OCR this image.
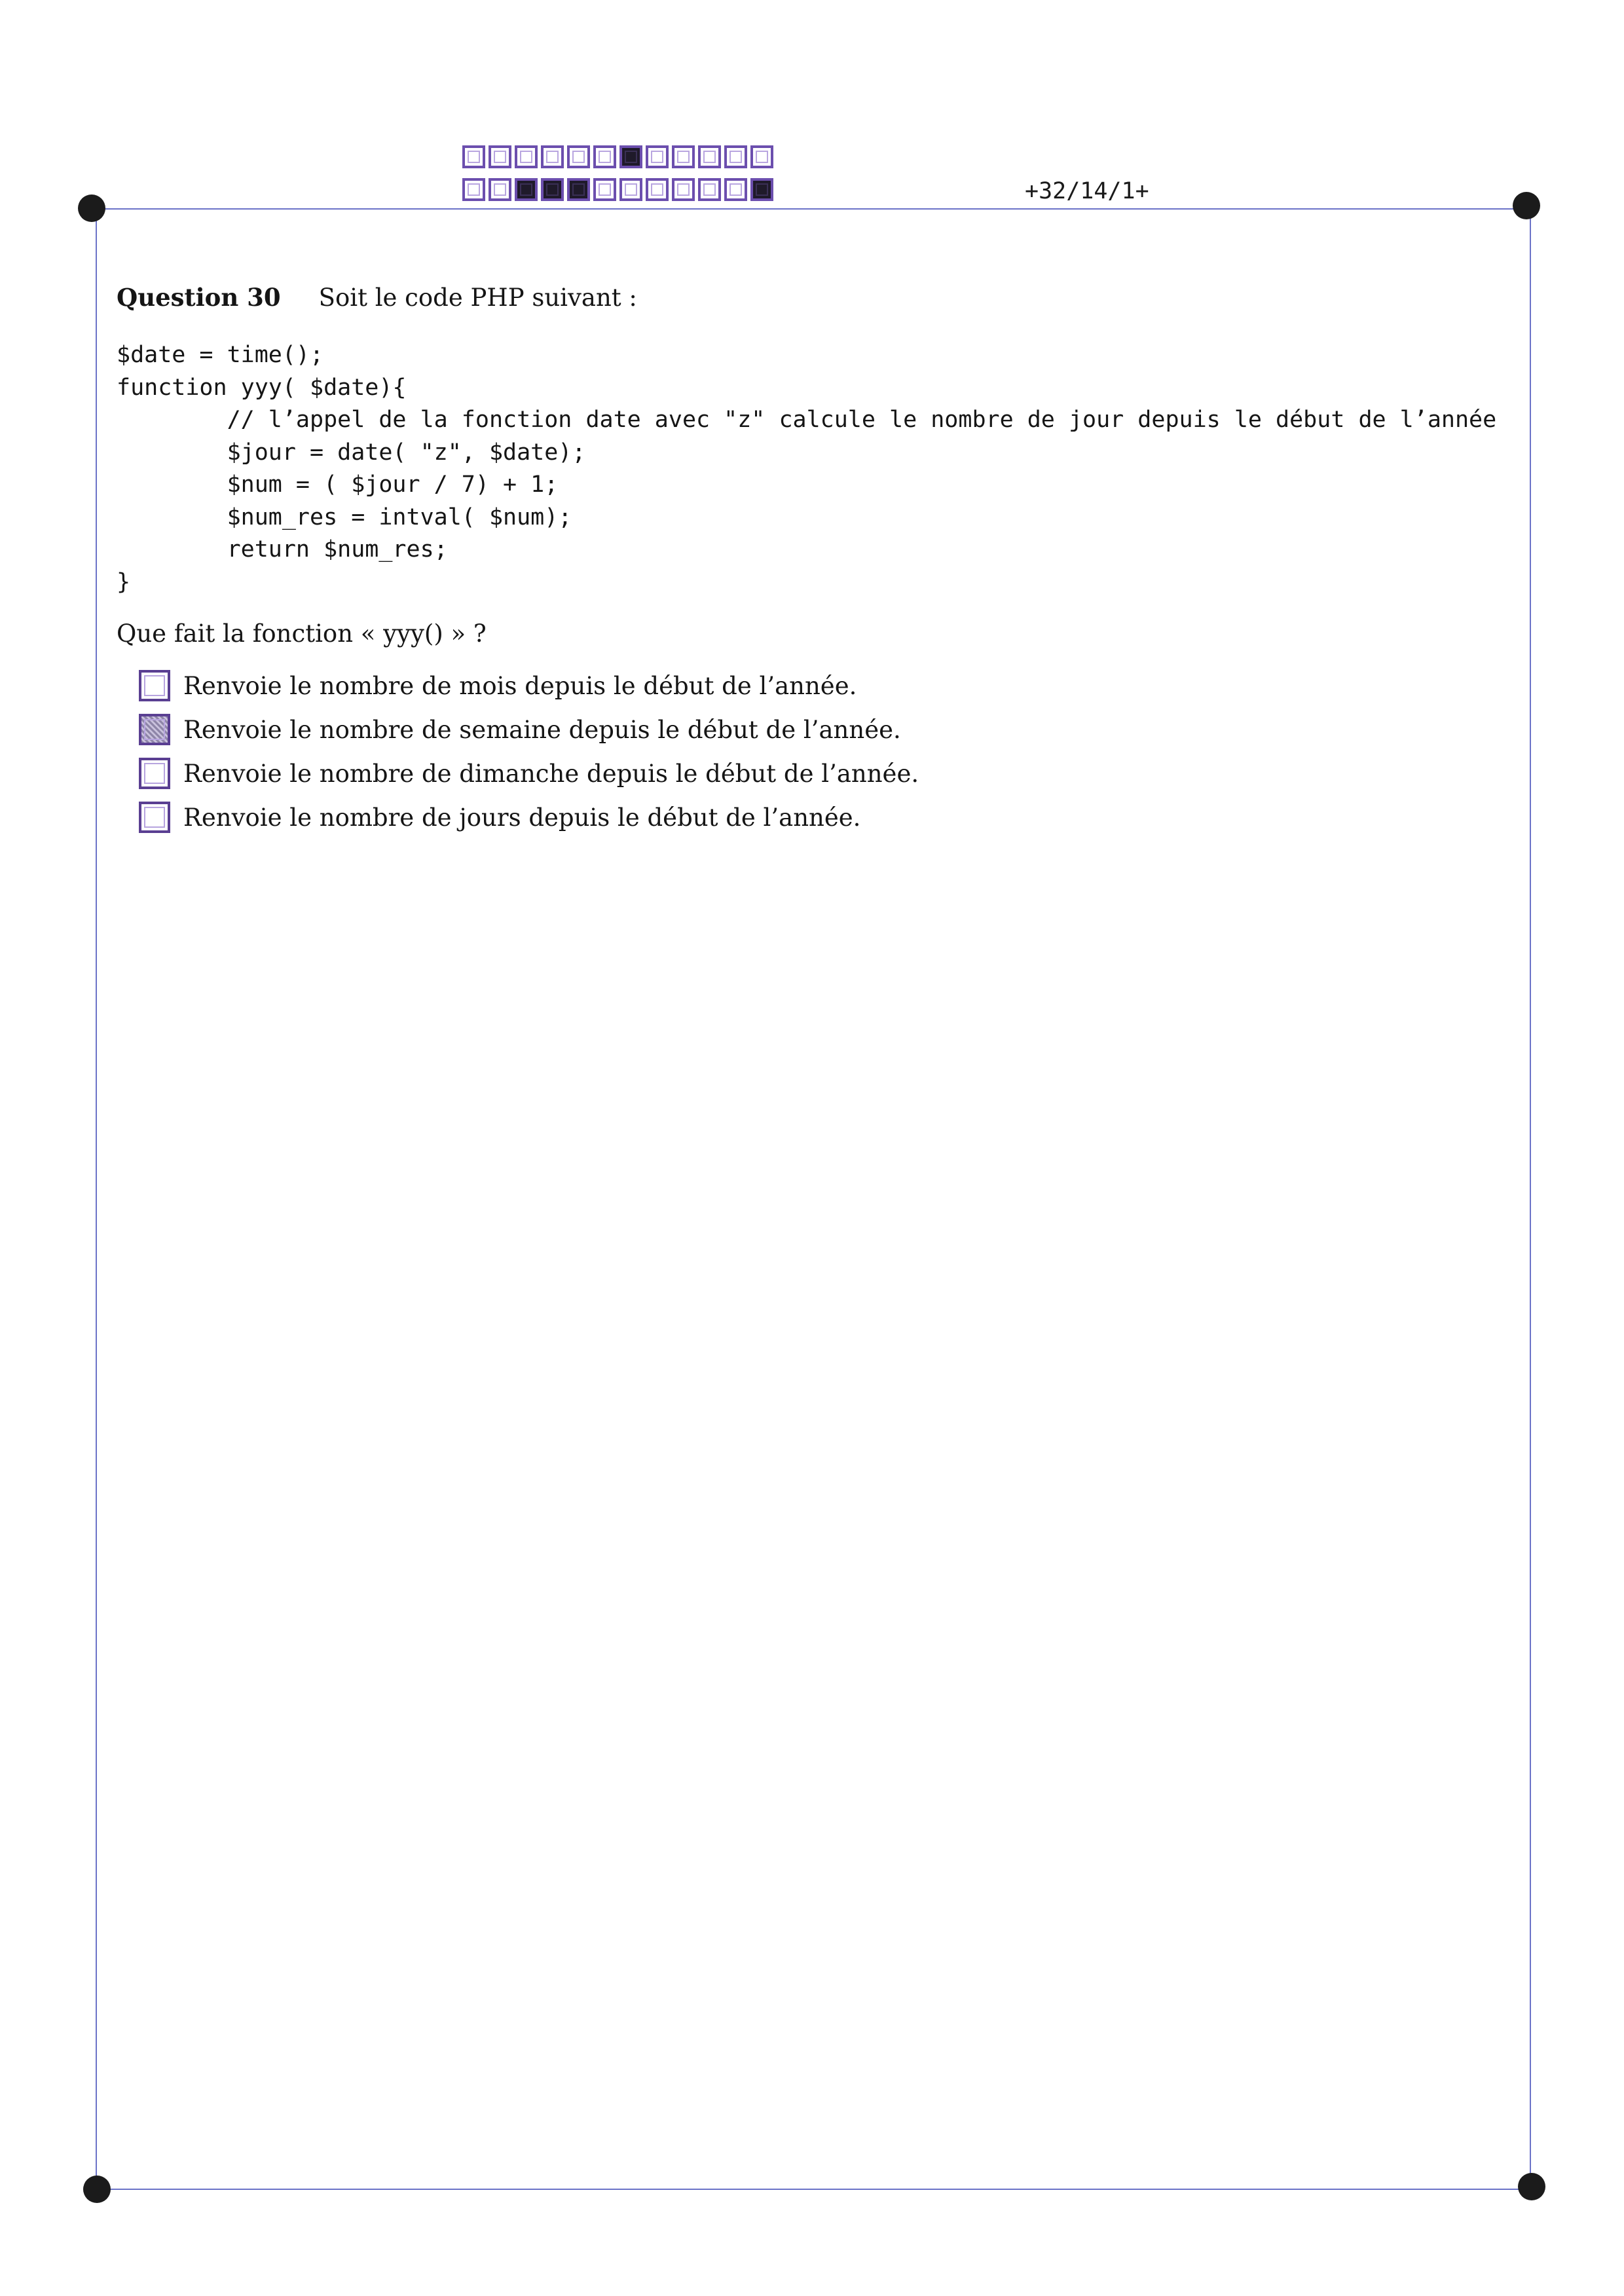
+32/14/1+
Question 30 Soit le code PHP suivant :
$date = time();
function yyy( $date){
// l’appel de la fonction date avec "z" calcule le nombre de jour depuis le début de l’année
$jour = date( "z", $date);
$num = ( $jour / 7) + 1;
$num_res = intval( $num);
return $num_res;
}
Que fait la fonction « yyy() » ?
Renvoie le nombre de mois depuis le début de l’année.
Renvoie le nombre de semaine depuis le début de l’année.
Renvoie le nombre de dimanche depuis le début de l’année.
Renvoie le nombre de jours depuis le début de l’année.
